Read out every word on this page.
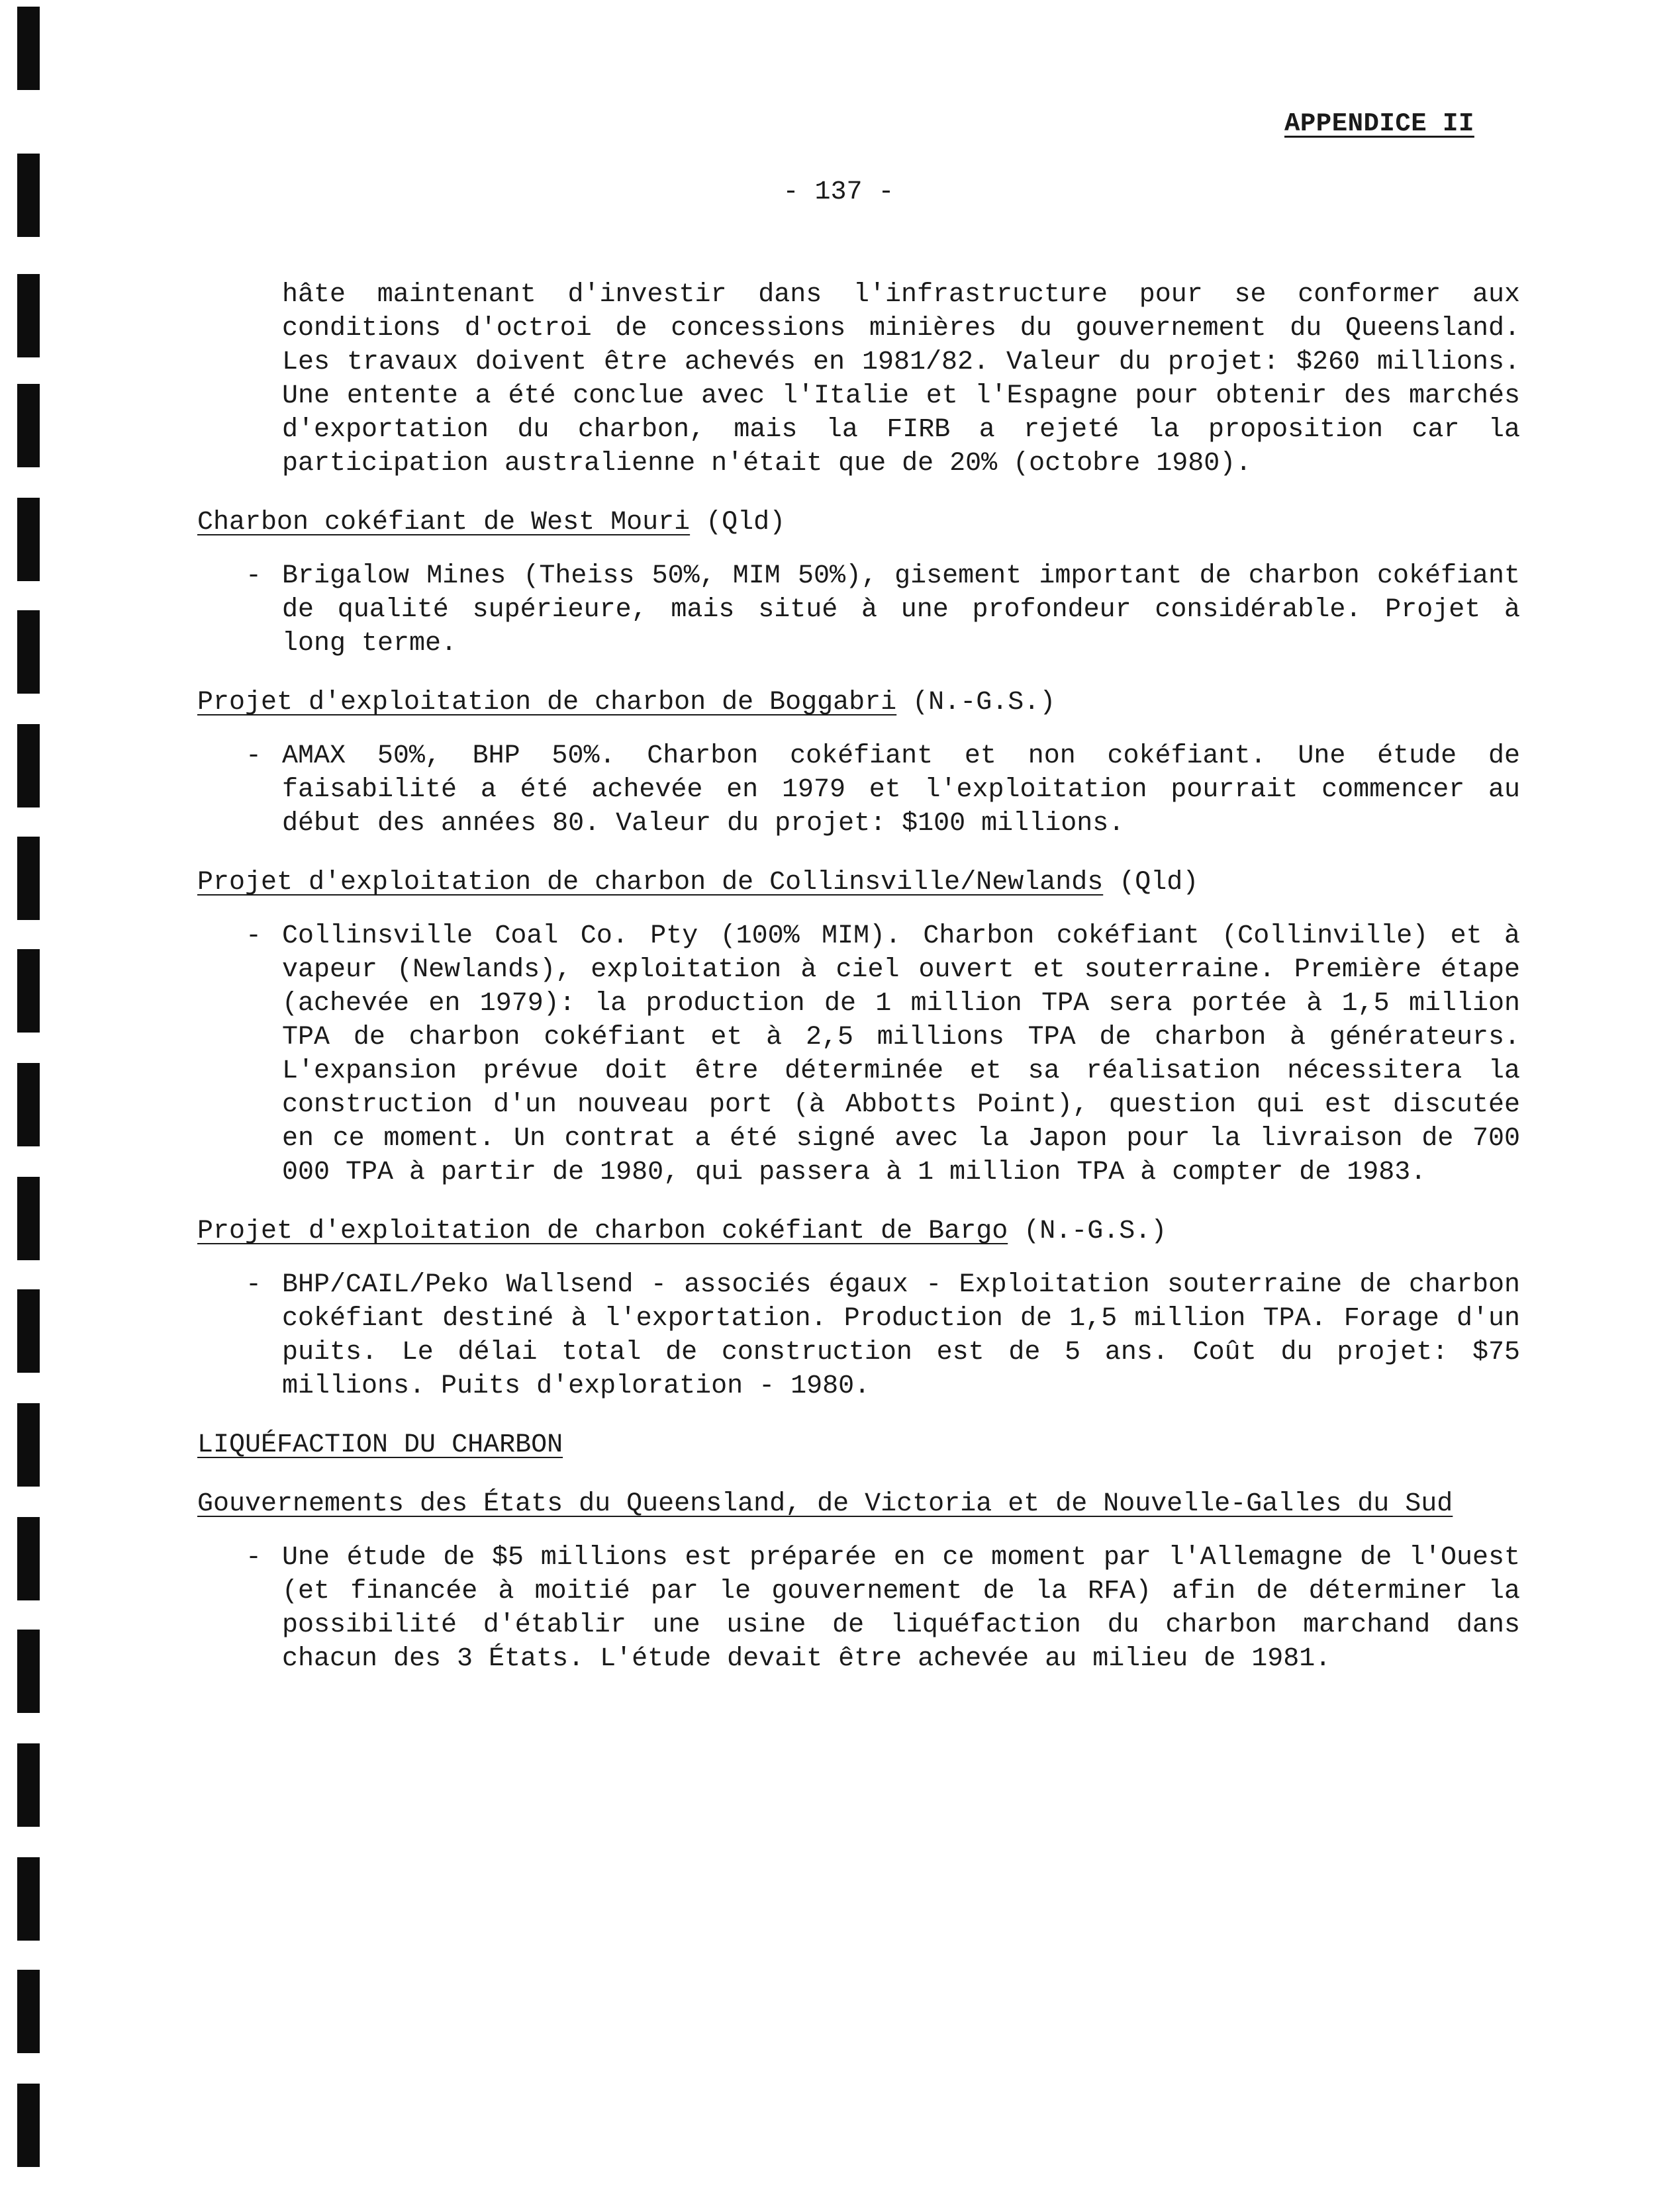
APPENDICE II
- 137 -
hâte maintenant d'investir dans l'infrastructure pour se conformer aux conditions d'octroi de concessions minières du gouvernement du Queensland. Les travaux doivent être achevés en 1981/82. Valeur du projet: $260 millions. Une entente a été conclue avec l'Italie et l'Espagne pour obtenir des marchés d'exportation du charbon, mais la FIRB a rejeté la proposition car la participation australienne n'était que de 20% (octobre 1980).
Charbon cokéfiant de West Mouri (Qld)
- Brigalow Mines (Theiss 50%, MIM 50%), gisement important de charbon cokéfiant de qualité supérieure, mais situé à une profondeur considérable. Projet à long terme.
Projet d'exploitation de charbon de Boggabri (N.-G.S.)
- AMAX 50%, BHP 50%. Charbon cokéfiant et non cokéfiant. Une étude de faisabilité a été achevée en 1979 et l'exploitation pourrait commencer au début des années 80. Valeur du projet: $100 millions.
Projet d'exploitation de charbon de Collinsville/Newlands (Qld)
- Collinsville Coal Co. Pty (100% MIM). Charbon cokéfiant (Collinville) et à vapeur (Newlands), exploitation à ciel ouvert et souterraine. Première étape (achevée en 1979): la production de 1 million TPA sera portée à 1,5 million TPA de charbon cokéfiant et à 2,5 millions TPA de charbon à générateurs. L'expansion prévue doit être déterminée et sa réalisation nécessitera la construction d'un nouveau port (à Abbotts Point), question qui est discutée en ce moment. Un contrat a été signé avec la Japon pour la livraison de 700 000 TPA à partir de 1980, qui passera à 1 million TPA à compter de 1983.
Projet d'exploitation de charbon cokéfiant de Bargo (N.-G.S.)
- BHP/CAIL/Peko Wallsend - associés égaux - Exploitation souterraine de charbon cokéfiant destiné à l'exportation. Production de 1,5 million TPA. Forage d'un puits. Le délai total de construction est de 5 ans. Coût du projet: $75 millions. Puits d'exploration - 1980.
LIQUÉFACTION DU CHARBON
Gouvernements des États du Queensland, de Victoria et de Nouvelle-Galles du Sud
- Une étude de $5 millions est préparée en ce moment par l'Allemagne de l'Ouest (et financée à moitié par le gouvernement de la RFA) afin de déterminer la possibilité d'établir une usine de liquéfaction du charbon marchand dans chacun des 3 États. L'étude devait être achevée au milieu de 1981.
